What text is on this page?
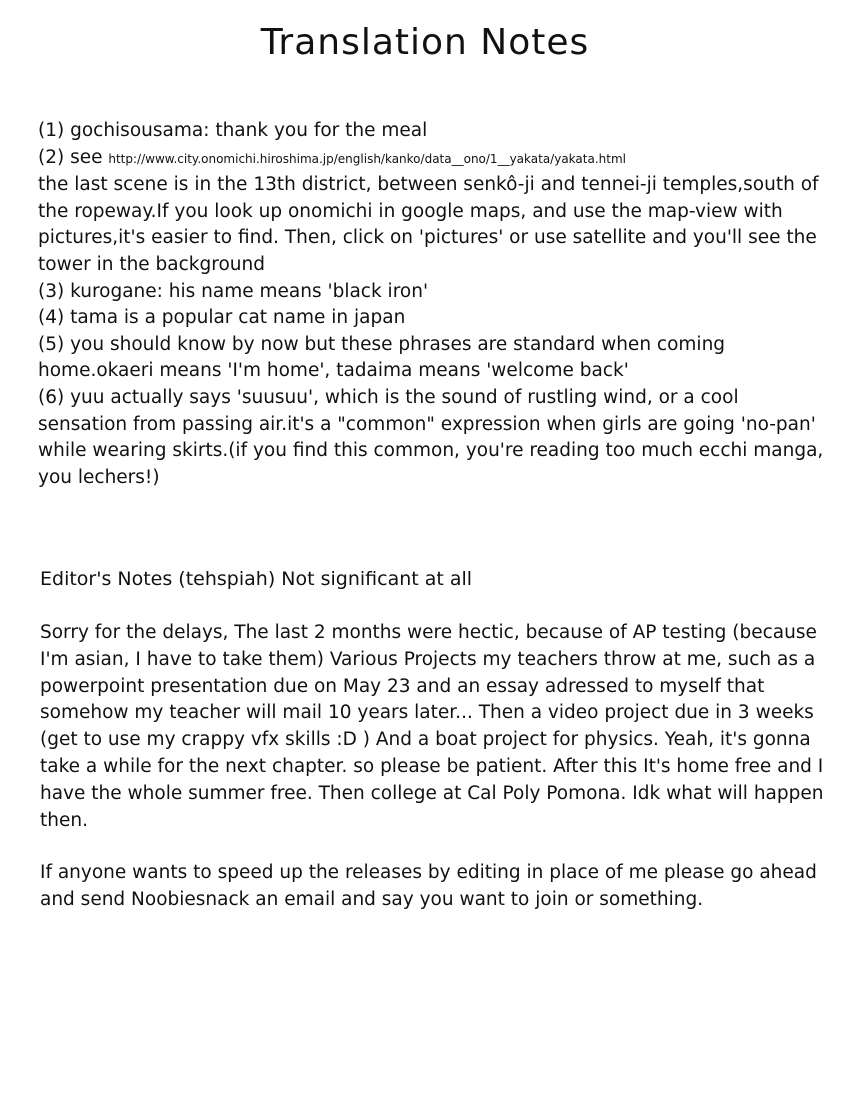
Translation Notes

(1) gochisousama: thank you for the meal

(2) see http://www.city.onomichi.hiroshima.jp/english/kanko/data__ono/1__yakata/yakata.html

the last scene is in the 13th district, between senkô-ji and tennei-ji temples,south of the ropeway.If you look up onomichi in google maps, and use the map-view with pictures,it's easier to find. Then, click on 'pictures' or use satellite and you'll see the tower in the background

(3) kurogane: his name means 'black iron'

(4) tama is a popular cat name in japan

(5) you should know by now but these phrases are standard when coming home.okaeri means 'I'm home', tadaima means 'welcome back'

(6) yuu actually says 'suusuu', which is the sound of rustling wind, or a cool sensation from passing air.it's a "common" expression when girls are going 'no-pan' while wearing skirts.(if you find this common, you're reading too much ecchi manga, you lechers!)

Editor's Notes (tehspiah) Not significant at all

Sorry for the delays, The last 2 months were hectic, because of AP testing (because I'm asian, I have to take them) Various Projects my teachers throw at me, such as a powerpoint presentation due on May 23 and an essay adressed to myself that somehow my teacher will mail 10 years later... Then a video project due in 3 weeks (get to use my crappy vfx skills :D ) And a boat project for physics. Yeah, it's gonna take a while for the next chapter. so please be patient. After this It's home free and I have the whole summer free. Then college at Cal Poly Pomona. Idk what will happen then.

If anyone wants to speed up the releases by editing in place of me please go ahead and send Noobiesnack an email and say you want to join or something.
